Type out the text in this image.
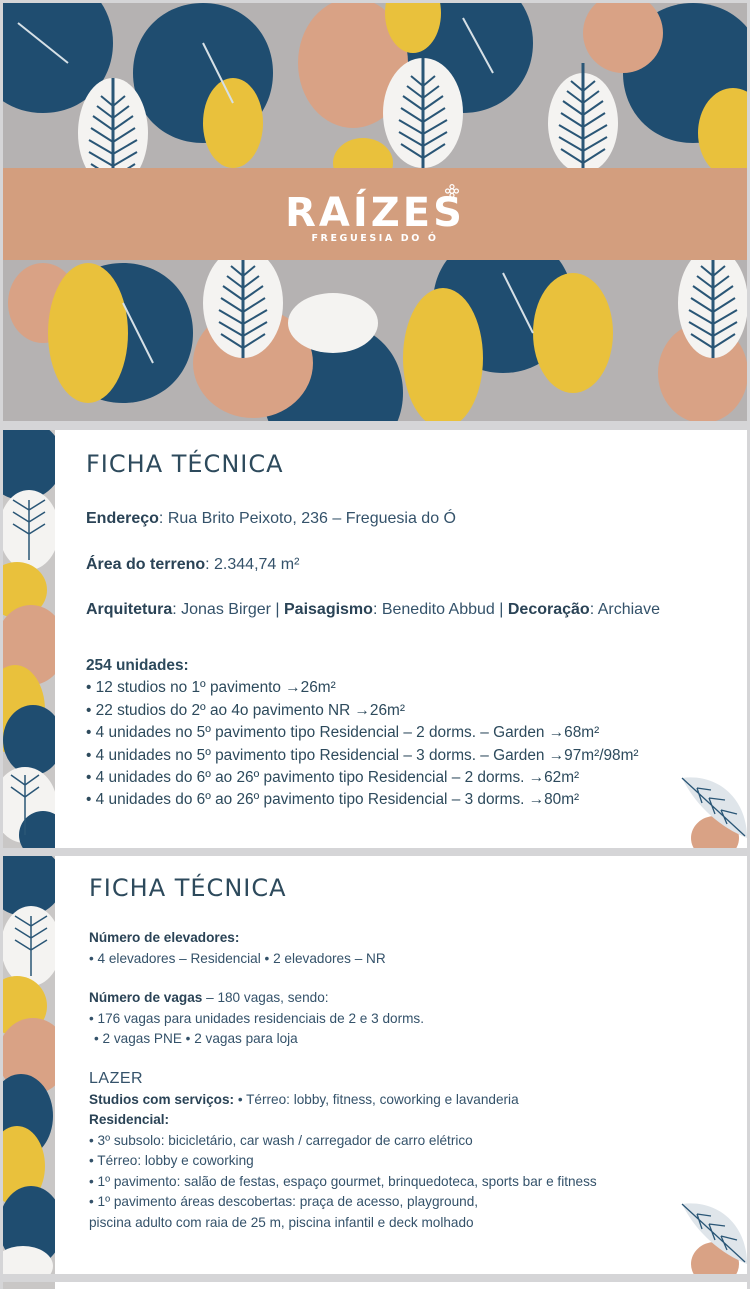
RAÍZES
FREGUESIA DO Ó
FICHA TÉCNICA
Endereço: Rua Brito Peixoto, 236 – Freguesia do Ó
Área do terreno: 2.344,74 m²
Arquitetura: Jonas Birger | Paisagismo: Benedito Abbud | Decoração: Archiave
254 unidades:
• 12 studios no 1º pavimento →26m²
• 22 studios do 2º ao 4o pavimento NR →26m²
• 4 unidades no 5º pavimento tipo Residencial – 2 dorms. – Garden →68m²
• 4 unidades no 5º pavimento tipo Residencial – 3 dorms. – Garden →97m²/98m²
• 4 unidades do 6º ao 26º pavimento tipo Residencial – 2 dorms. →62m²
• 4 unidades do 6º ao 26º pavimento tipo Residencial – 3 dorms. →80m²
FICHA TÉCNICA
Número de elevadores:
• 4 elevadores – Residencial • 2 elevadores – NR
Número de vagas – 180 vagas, sendo:
• 176 vagas para unidades residenciais de 2 e 3 dorms.
• 2 vagas PNE • 2 vagas para loja
LAZER
Studios com serviços: • Térreo: lobby, fitness, coworking e lavanderia
Residencial:
• 3º subsolo: bicicletário, car wash / carregador de carro elétrico
• Térreo: lobby e coworking
• 1º pavimento: salão de festas, espaço gourmet, brinquedoteca, sports bar e fitness
• 1º pavimento áreas descobertas: praça de acesso, playground,
piscina adulto com raia de 25 m, piscina infantil e deck molhado
